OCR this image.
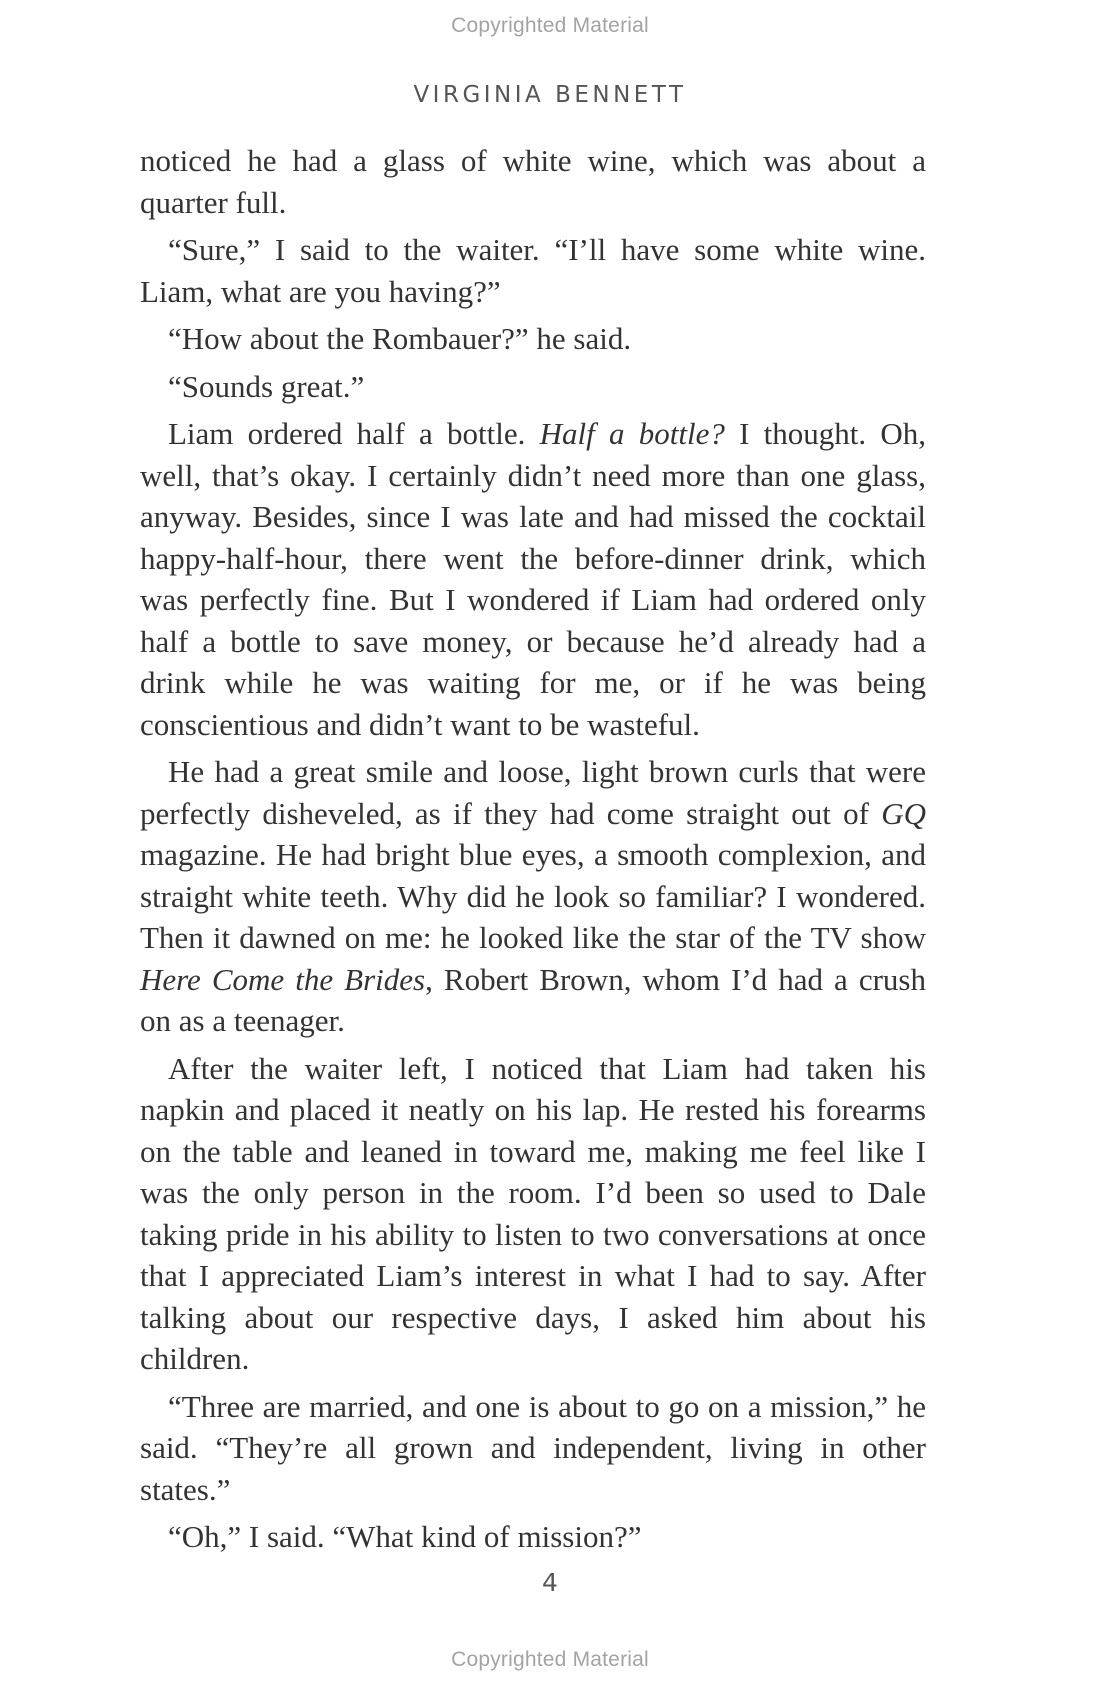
Copyrighted Material
VIRGINIA BENNETT

noticed he had a glass of white wine, which was about a quarter full.

“Sure,” I said to the waiter. “I’ll have some white wine. Liam, what are you having?”

“How about the Rombauer?” he said.

“Sounds great.”

Liam ordered half a bottle. Half a bottle? I thought. Oh, well, that’s okay. I certainly didn’t need more than one glass, anyway. Besides, since I was late and had missed the cocktail happy-half-hour, there went the before-dinner drink, which was perfectly fine. But I wondered if Liam had ordered only half a bottle to save money, or because he’d already had a drink while he was waiting for me, or if he was being conscientious and didn’t want to be wasteful.

He had a great smile and loose, light brown curls that were perfectly disheveled, as if they had come straight out of GQ magazine. He had bright blue eyes, a smooth complexion, and straight white teeth. Why did he look so familiar? I wondered. Then it dawned on me: he looked like the star of the TV show Here Come the Brides, Robert Brown, whom I’d had a crush on as a teenager.

After the waiter left, I noticed that Liam had taken his napkin and placed it neatly on his lap. He rested his forearms on the table and leaned in toward me, making me feel like I was the only person in the room. I’d been so used to Dale taking pride in his ability to listen to two conversations at once that I appreciated Liam’s interest in what I had to say. After talking about our respective days, I asked him about his children.

“Three are married, and one is about to go on a mission,” he said. “They’re all grown and independent, living in other states.”

“Oh,” I said. “What kind of mission?”

4
Copyrighted Material
